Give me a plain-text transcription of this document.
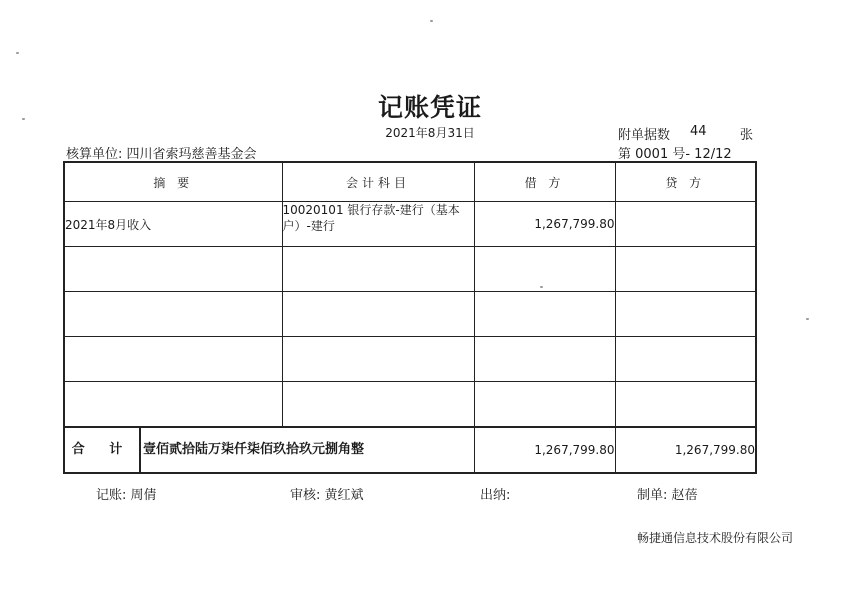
记账凭证
2021年8月31日	附单据数 44	张
核算单位: 四川省索玛慈善基金会	第 0001 号- 12/12
摘 要	会计科目	借 方	贷 方
2021年8月收入	10020101 银行存款-建行（基本户）-建行	1,267,799.80	

合 计 壹佰贰拾陆万柒仟柒佰玖拾玖元捌角整		1,267,799.80	1,267,799.80
记账: 周倩	审核: 黄红斌	出纳:	制单: 赵蓓
畅捷通信息技术股份有限公司
